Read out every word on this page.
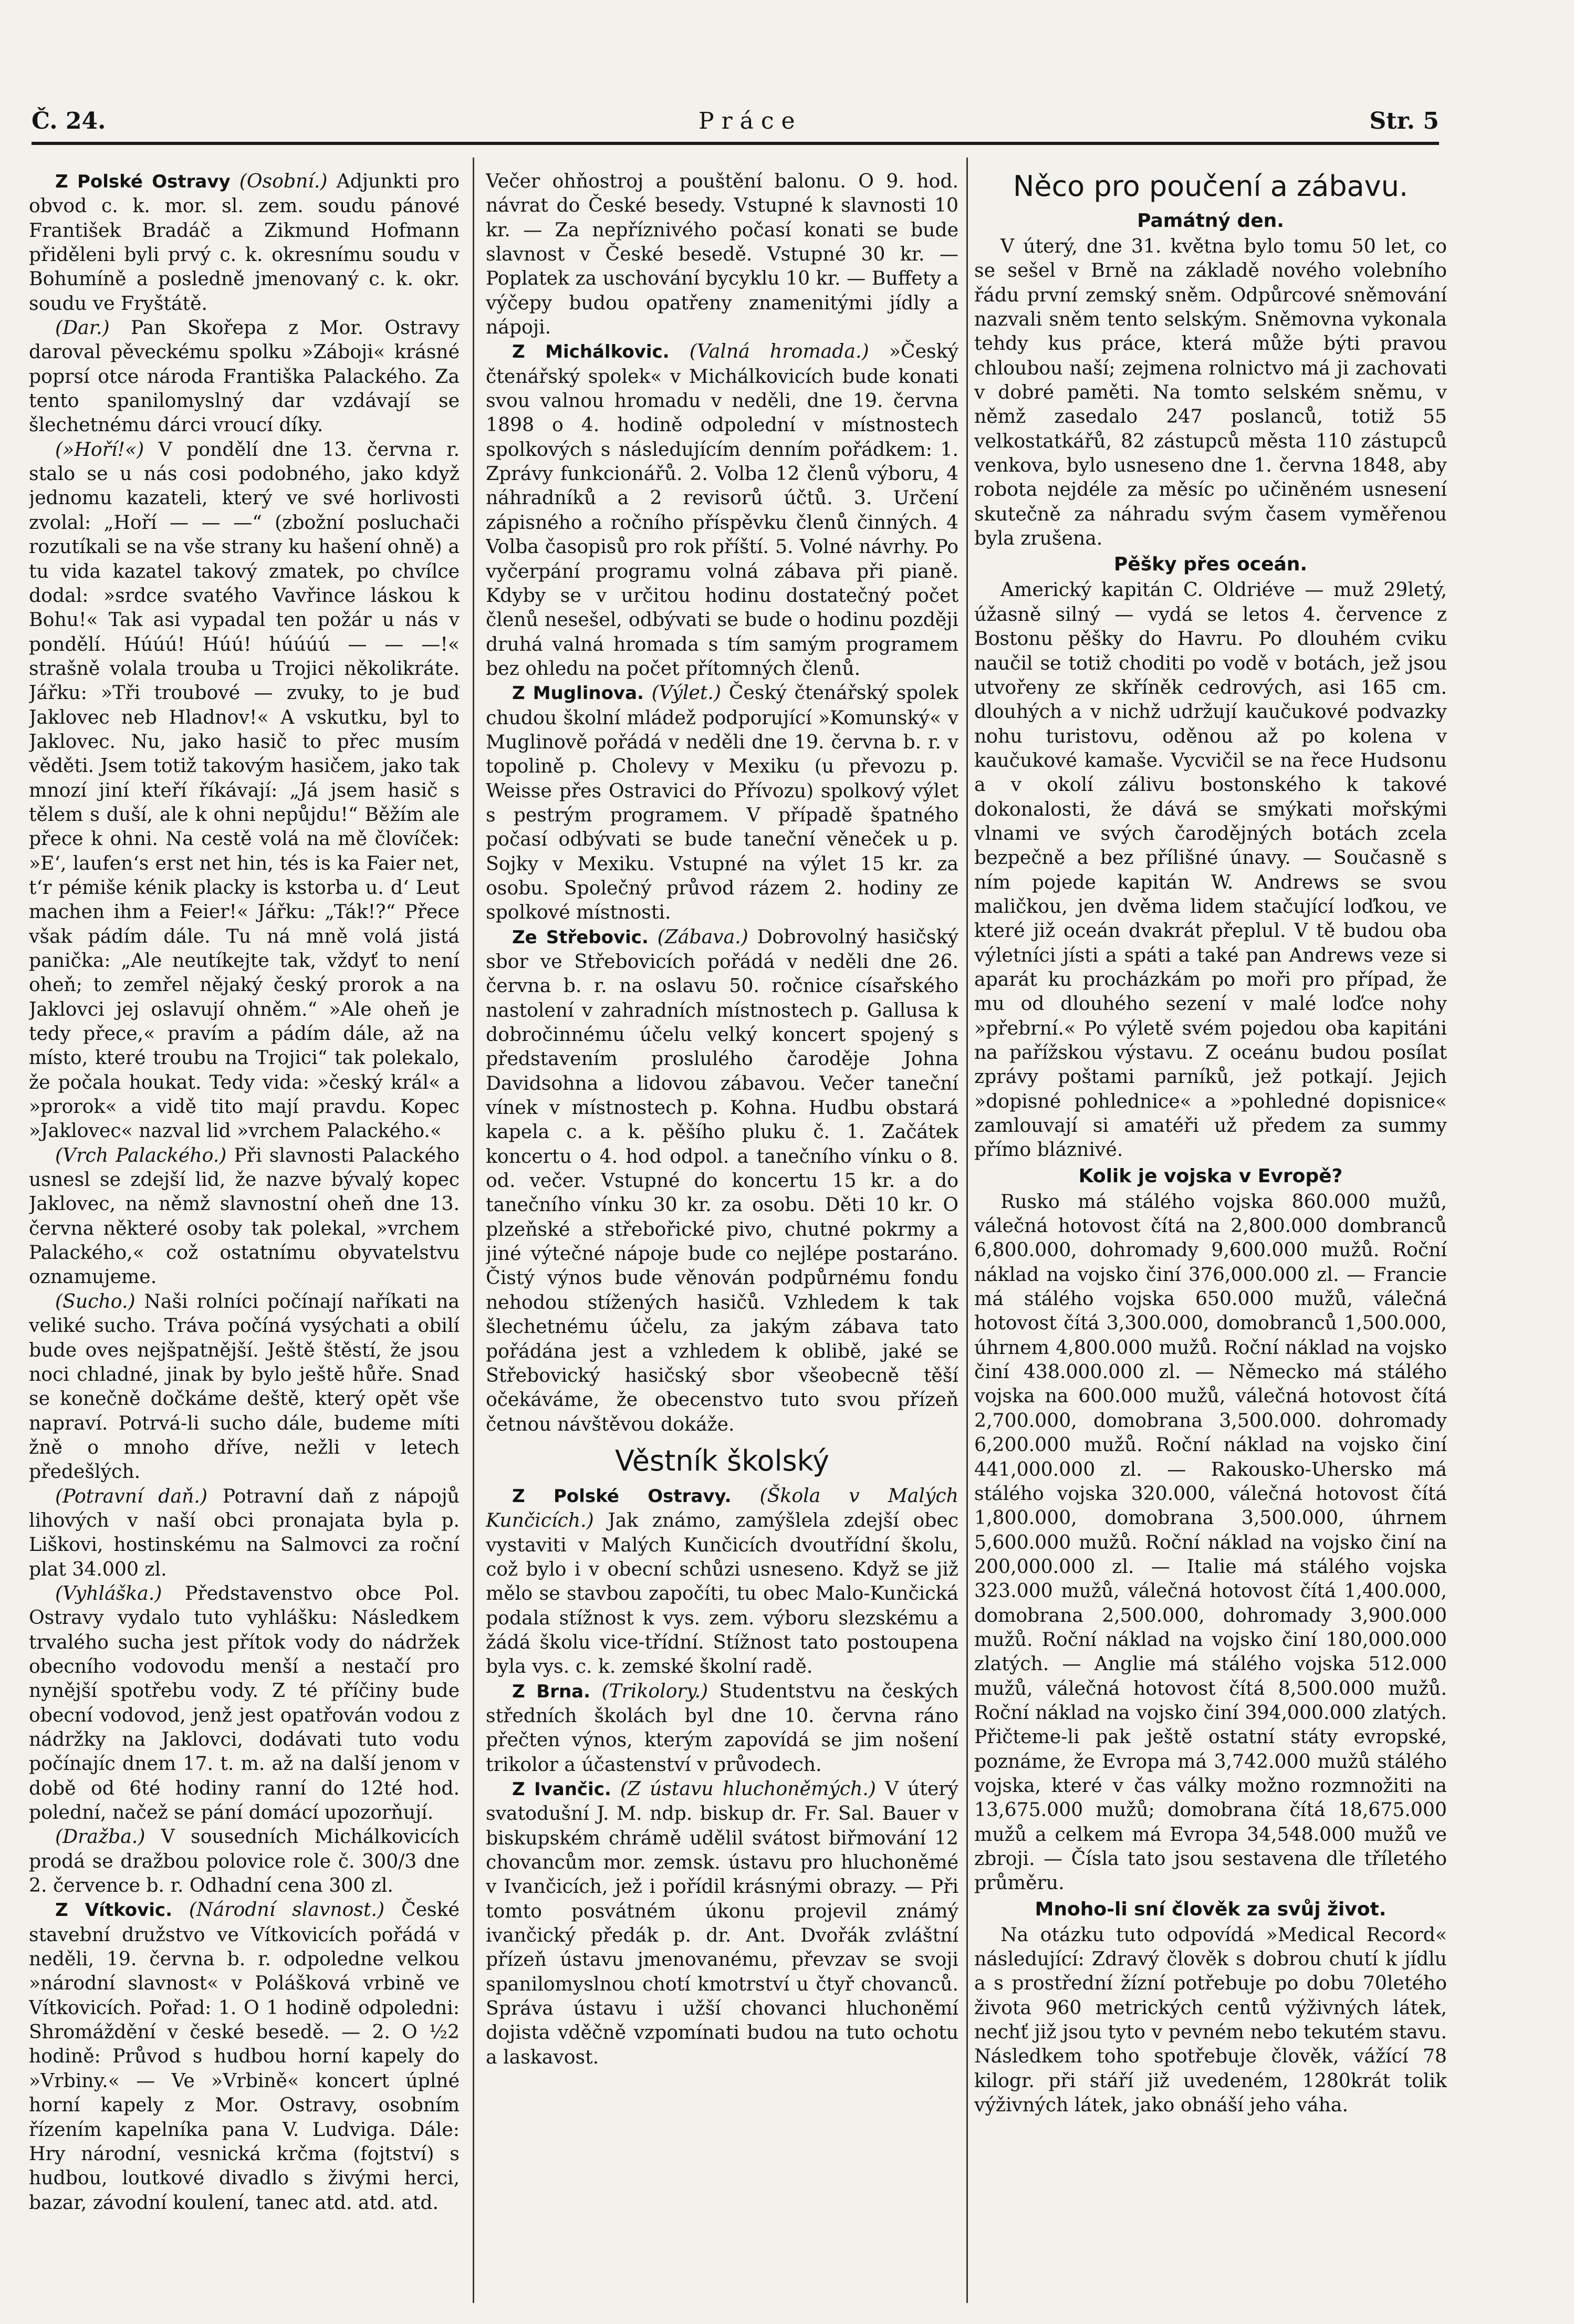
Č. 24.	Práce	Str. 5

Z Polské Ostravy (Osobní.) Adjunkti pro obvod c. k. mor. sl. zem. soudu pánové František Bradáč a Zikmund Hofmann přiděleni byli prvý c. k. okresnímu soudu v Bohumíně a posledně jmenovaný c. k. okr. soudu ve Fryštátě.

(Dar.) Pan Skořepa z Mor. Ostravy daroval pěveckému spolku »Záboji« krásné poprsí otce národa Františka Palackého. Za tento spanilomyslný dar vzdávají se šlechetnému dárci vroucí díky.

(»Hoří!«) V pondělí dne 13. června r. stalo se u nás cosi podobného, jako když jednomu kazateli, který ve své horlivosti zvolal: „Hoří — — —“ (zbožní posluchači rozutíkali se na vše strany ku hašení ohně) a tu vida kazatel takový zmatek, po chvílce dodal: »srdce svatého Vavřince láskou k Bohu!« Tak asi vypadal ten požár u nás v pondělí. Húúú! Húú! húúúú — — —!« strašně volala trouba u Trojici několikráte. Jářku: »Tři troubové — zvuky, to je buď Jaklovec neb Hladnov!« A vskutku, byl to Jaklovec. Nu, jako hasič to přec musím věděti. Jsem totiž takovým hasičem, jako tak mnozí jiní kteří říkávají: „Já jsem hasič s tělem s duší, ale k ohni nepůjdu!“ Běžím ale přece k ohni. Na cestě volá na mě človíček: »E‘, laufen‘s erst net hin, tés is ka Faier net, t‘r pémiše kénik placky is kstorba u. d‘ Leut machen ihm a Feier!« Jářku: „Ták!?“ Přece však pádím dále. Tu ná mně volá jistá panička: „Ale neutíkejte tak, vždyť to není oheň; to zemřel nějaký český prorok a na Jaklovci jej oslavují ohněm.“ »Ale oheň je tedy přece,« pravím a pádím dále, až na místo, které troubu na Trojici“ tak polekalo, že počala houkat. Tedy vida: »český král« a »prorok« a vidě tito mají pravdu. Kopec »Jaklovec« nazval lid »vrchem Palackého.«

(Vrch Palackého.) Při slavnosti Palackého usnesl se zdejší lid, že nazve bývalý kopec Jaklovec, na němž slavnostní oheň dne 13. června některé osoby tak polekal, »vrchem Palackého,« což ostatnímu obyvatelstvu oznamujeme.

(Sucho.) Naši rolníci počínají naříkati na veliké sucho. Tráva počíná vysýchati a obilí bude oves nejšpatnější. Ještě štěstí, že jsou noci chladné, jinak by bylo ještě hůře. Snad se konečně dočkáme deště, který opět vše napraví. Potrvá-li sucho dále, budeme míti žně o mnoho dříve, nežli v letech předešlých.

(Potravní daň.) Potravní daň z nápojů lihových v naší obci pronajata byla p. Liškovi, hostinskému na Salmovci za roční plat 34.000 zl.

(Vyhláška.) Představenstvo obce Pol. Ostravy vydalo tuto vyhlášku: Následkem trvalého sucha jest přítok vody do nádržek obecního vodovodu menší a nestačí pro nynější spotřebu vody. Z té příčiny bude obecní vodovod, jenž jest opatřován vodou z nádržky na Jaklovci, dodávati tuto vodu počínajíc dnem 17. t. m. až na další jenom v době od 6té hodiny ranní do 12té hod. polední, načež se pání domácí upozorňují.

(Dražba.) V sousedních Michálkovicích prodá se dražbou polovice role č. 300/3 dne 2. července b. r. Odhadní cena 300 zl.

Z Vítkovic. (Národní slavnost.) České stavební družstvo ve Vítkovicích pořádá v neděli, 19. června b. r. odpoledne velkou »národní slavnost« v Polášková vrbině ve Vítkovicích. Pořad: 1. O 1 hodině odpoledni: Shromáždění v české besedě. — 2. O ½2 hodině: Průvod s hudbou horní kapely do »Vrbiny.« — Ve »Vrbině« koncert úplné horní kapely z Mor. Ostravy, osobním řízením kapelníka pana V. Ludviga. Dále: Hry národní, vesnická krčma (fojtství) s hudbou, loutkové divadlo s živými herci, bazar, závodní koulení, tanec atd. atd. atd.

Večer ohňostroj a pouštění balonu. O 9. hod. návrat do České besedy. Vstupné k slavnosti 10 kr. — Za nepříznivého počasí konati se bude slavnost v České besedě. Vstupné 30 kr. — Poplatek za uschování bycyklu 10 kr. — Buffety a výčepy budou opatřeny znamenitými jídly a nápoji.

Z Michálkovic. (Valná hromada.) »Český čtenářský spolek« v Michálkovicích bude konati svou valnou hromadu v neděli, dne 19. června 1898 o 4. hodině odpolední v místnostech spolkových s následujícím denním pořádkem: 1. Zprávy funkcionářů. 2. Volba 12 členů výboru, 4 náhradníků a 2 revisorů účtů. 3. Určení zápisného a ročního příspěvku členů činných. 4 Volba časopisů pro rok příští. 5. Volné návrhy. Po vyčerpání programu volná zábava při pianě. Kdyby se v určitou hodinu dostatečný počet členů nesešel, odbývati se bude o hodinu později druhá valná hromada s tím samým programem bez ohledu na počet přítomných členů.

Z Muglinova. (Výlet.) Český čtenářský spolek chudou školní mládež podporující »Komunský« v Muglinově pořádá v neděli dne 19. června b. r. v topolině p. Cholevy v Mexiku (u převozu p. Weisse přes Ostravici do Přívozu) spolkový výlet s pestrým programem. V případě špatného počasí odbývati se bude taneční věneček u p. Sojky v Mexiku. Vstupné na výlet 15 kr. za osobu. Společný průvod rázem 2. hodiny ze spolkové místnosti.

Ze Střebovic. (Zábava.) Dobrovolný hasičský sbor ve Střebovicích pořádá v neděli dne 26. června b. r. na oslavu 50. ročnice císařského nastolení v zahradních místnostech p. Gallusa k dobročinnému účelu velký koncert spojený s představením proslulého čaroděje Johna Davidsohna a lidovou zábavou. Večer taneční vínek v místnostech p. Kohna. Hudbu obstará kapela c. a k. pěšího pluku č. 1. Začátek koncertu o 4. hod odpol. a tanečního vínku o 8. od. večer. Vstupné do koncertu 15 kr. a do tanečního vínku 30 kr. za osobu. Děti 10 kr. O plzeňské a střebořické pivo, chutné pokrmy a jiné výtečné nápoje bude co nejlépe postaráno. Čistý výnos bude věnován podpůrnému fondu nehodou stížených hasičů. Vzhledem k tak šlechetnému účelu, za jakým zábava tato pořádána jest a vzhledem k oblibě, jaké se Střebovický hasičský sbor všeobecně těší očekáváme, že obecenstvo tuto svou přízeň četnou návštěvou dokáže.

Věstník školský

Z Polské Ostravy. (Škola v Malých Kunčicích.) Jak známo, zamýšlela zdejší obec vystaviti v Malých Kunčicích dvoutřídní školu, což bylo i v obecní schůzi usneseno. Když se již mělo se stavbou započíti, tu obec Malo-Kunčická podala stížnost k vys. zem. výboru slezskému a žádá školu vice-třídní. Stížnost tato postoupena byla vys. c. k. zemské školní radě.

Z Brna. (Trikolory.) Studentstvu na českých středních školách byl dne 10. června ráno přečten výnos, kterým zapovídá se jim nošení trikolor a účastenství v průvodech.

Z Ivančic. (Z ústavu hluchoněmých.) V úterý svatodušní J. M. ndp. biskup dr. Fr. Sal. Bauer v biskupském chrámě udělil svátost biřmování 12 chovancům mor. zemsk. ústavu pro hluchoněmé v Ivančicích, jež i pořídil krásnými obrazy. — Při tomto posvátném úkonu projevil známý ivančický předák p. dr. Ant. Dvořák zvláštní přízeň ústavu jmenovanému, převzav se svoji spanilomyslnou chotí kmotrství u čtyř chovanců. Správa ústavu i užší chovanci hluchoněmí dojista vděčně vzpomínati budou na tuto ochotu a laskavost.

Něco pro poučení a zábavu.
Památný den.

V úterý, dne 31. května bylo tomu 50 let, co se sešel v Brně na základě nového volebního řádu první zemský sněm. Odpůrcové sněmování nazvali sněm tento selským. Sněmovna vykonala tehdy kus práce, která může býti pravou chloubou naší; zejmena rolnictvo má ji zachovati v dobré paměti. Na tomto selském sněmu, v němž zasedalo 247 poslanců, totiž 55 velkostatkářů, 82 zástupců města 110 zástupců venkova, bylo usneseno dne 1. června 1848, aby robota nejdéle za měsíc po učiněném usnesení skutečně za náhradu svým časem vyměřenou byla zrušena.

Pěšky přes oceán.

Americký kapitán C. Oldriéve — muž 29letý, úžasně silný — vydá se letos 4. července z Bostonu pěšky do Havru. Po dlouhém cviku naučil se totiž choditi po vodě v botách, jež jsou utvořeny ze skříněk cedrových, asi 165 cm. dlouhých a v nichž udržují kaučukové podvazky nohu turistovu, oděnou až po kolena v kaučukové kamaše. Vycvičil se na řece Hudsonu a v okolí zálivu bostonského k takové dokonalosti, že dává se smýkati mořskými vlnami ve svých čarodějných botách zcela bezpečně a bez přílišné únavy. — Současně s ním pojede kapitán W. Andrews se svou maličkou, jen dvěma lidem stačující loďkou, ve které již oceán dvakrát přeplul. V tě budou oba výletníci jísti a spáti a také pan Andrews veze si aparát ku procházkám po moři pro případ, že mu od dlouhého sezení v malé loďce nohy »přebrní.« Po výletě svém pojedou oba kapitáni na pařížskou výstavu. Z oceánu budou posílat zprávy poštami parníků, jež potkají. Jejich »dopisné pohlednice« a »pohledné dopisnice« zamlouvají si amatéři už předem za summy přímo bláznivé.

Kolik je vojska v Evropě?

Rusko má stálého vojska 860.000 mužů, válečná hotovost čítá na 2,800.000 dombranců 6,800.000, dohromady 9,600.000 mužů. Roční náklad na vojsko činí 376,000.000 zl. — Francie má stálého vojska 650.000 mužů, válečná hotovost čítá 3,300.000, domobranců 1,500.000, úhrnem 4,800.000 mužů. Roční náklad na vojsko činí 438.000.000 zl. — Německo má stálého vojska na 600.000 mužů, válečná hotovost čítá 2,700.000, domobrana 3,500.000. dohromady 6,200.000 mužů. Roční náklad na vojsko činí 441,000.000 zl. — Rakousko-Uhersko má stálého vojska 320.000, válečná hotovost čítá 1,800.000, domobrana 3,500.000, úhrnem 5,600.000 mužů. Roční náklad na vojsko činí na 200,000.000 zl. — Italie má stálého vojska 323.000 mužů, válečná hotovost čítá 1,400.000, domobrana 2,500.000, dohromady 3,900.000 mužů. Roční náklad na vojsko činí 180,000.000 zlatých. — Anglie má stálého vojska 512.000 mužů, válečná hotovost čítá 8,500.000 mužů. Roční náklad na vojsko činí 394,000.000 zlatých. Přičteme-li pak ještě ostatní státy evropské, poznáme, že Evropa má 3,742.000 mužů stálého vojska, které v čas války možno rozmnožiti na 13,675.000 mužů; domobrana čítá 18,675.000 mužů a celkem má Evropa 34,548.000 mužů ve zbroji. — Čísla tato jsou sestavena dle tříletého průměru.

Mnoho-li sní člověk za svůj život.

Na otázku tuto odpovídá »Medical Record« následující: Zdravý člověk s dobrou chutí k jídlu a s prostřední žízní potřebuje po dobu 70letého života 960 metrických centů výživných látek, nechť již jsou tyto v pevném nebo tekutém stavu. Následkem toho spotřebuje člověk, vážící 78 kilogr. při stáří již uvedeném, 1280krát tolik výživných látek, jako obnáší jeho váha.
